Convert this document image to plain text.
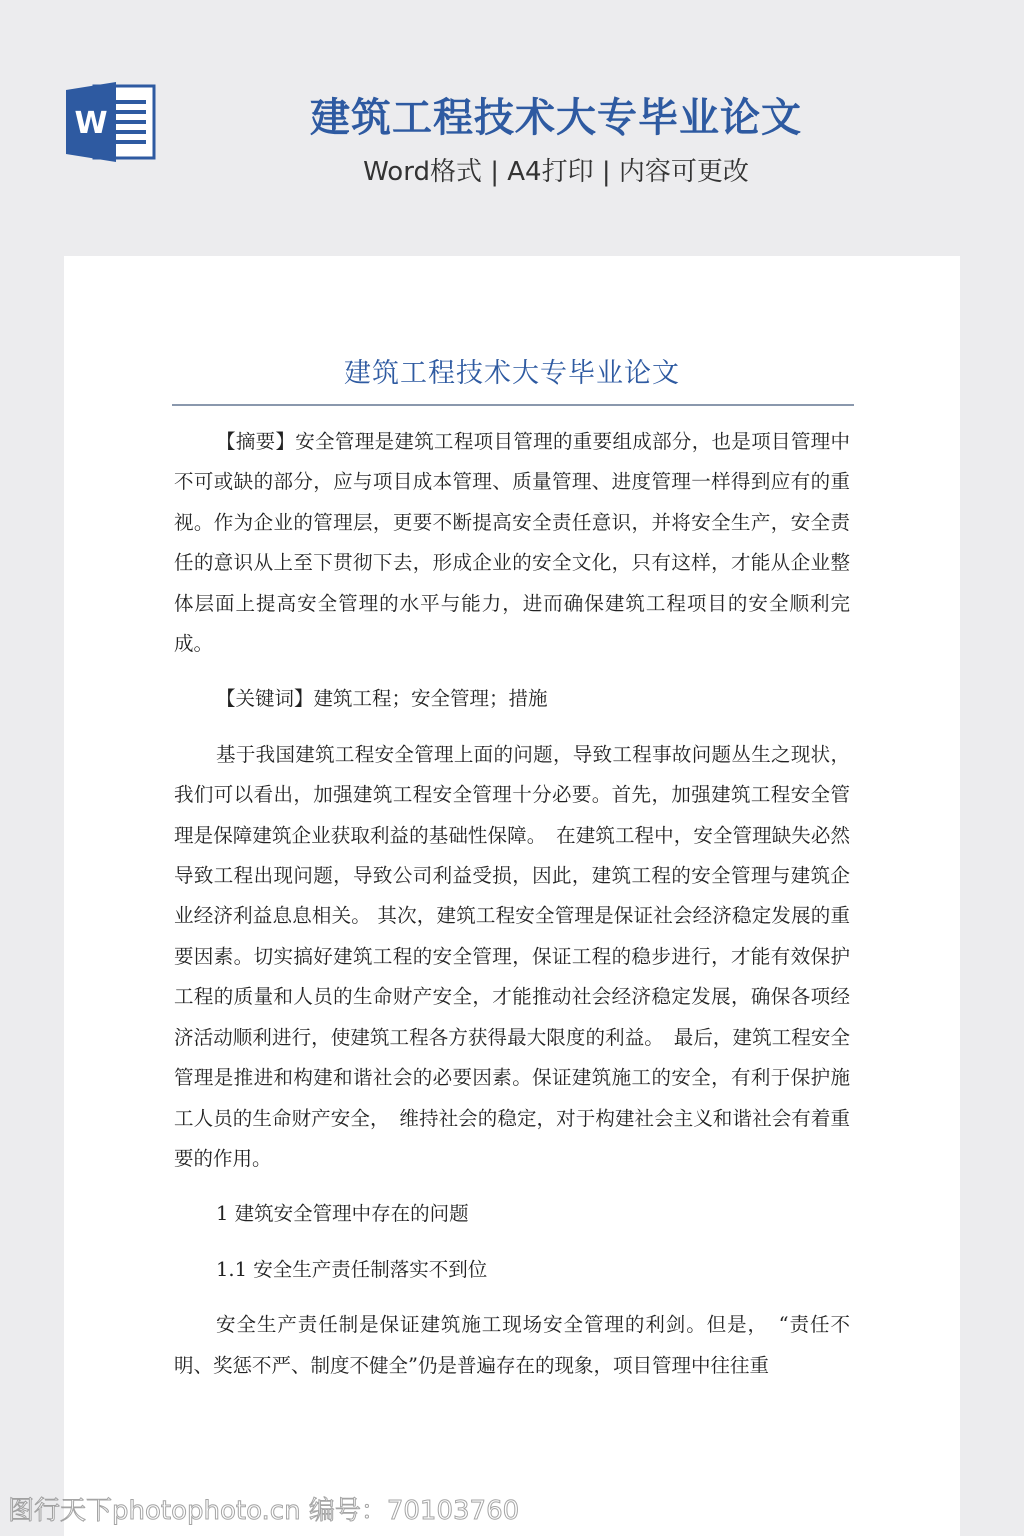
W	建筑工程技术大专毕业论文
Word格式 | A4打印 | 内容可更改
建筑工程技术大专毕业论文

【摘要】安全管理是建筑工程项目管理的重要组成部分，也是项目管理中不可或缺的部分，应与项目成本管理、质量管理、进度管理一样得到应有的重视。作为企业的管理层，更要不断提高安全责任意识，并将安全生产，安全责任的意识从上至下贯彻下去，形成企业的安全文化，只有这样，才能从企业整体层面上提高安全管理的水平与能力，进而确保建筑工程项目的安全顺利完成。

【关键词】建筑工程；安全管理；措施

基于我国建筑工程安全管理上面的问题，导致工程事故问题丛生之现状，我们可以看出，加强建筑工程安全管理十分必要。首先，加强建筑工程安全管理是保障建筑企业获取利益的基础性保障。　在建筑工程中，安全管理缺失必然导致工程出现问题，导致公司利益受损，因此，建筑工程的安全管理与建筑企业经济利益息息相关。 其次，建筑工程安全管理是保证社会经济稳定发展的重要因素。切实搞好建筑工程的安全管理，保证工程的稳步进行，才能有效保护工程的质量和人员的生命财产安全，才能推动社会经济稳定发展，确保各项经济活动顺利进行，使建筑工程各方获得最大限度的利益。　最后，建筑工程安全管理是推进和构建和谐社会的必要因素。保证建筑施工的安全，有利于保护施工人员的生命财产安全，　维持社会的稳定，对于构建社会主义和谐社会有着重要的作用。

1 建筑安全管理中存在的问题

1.1 安全生产责任制落实不到位

安全生产责任制是保证建筑施工现场安全管理的利剑。但是，　“责任不明、奖惩不严、制度不健全”仍是普遍存在的现象，项目管理中往往重

图行天下photophoto.cn 编号：70103760
